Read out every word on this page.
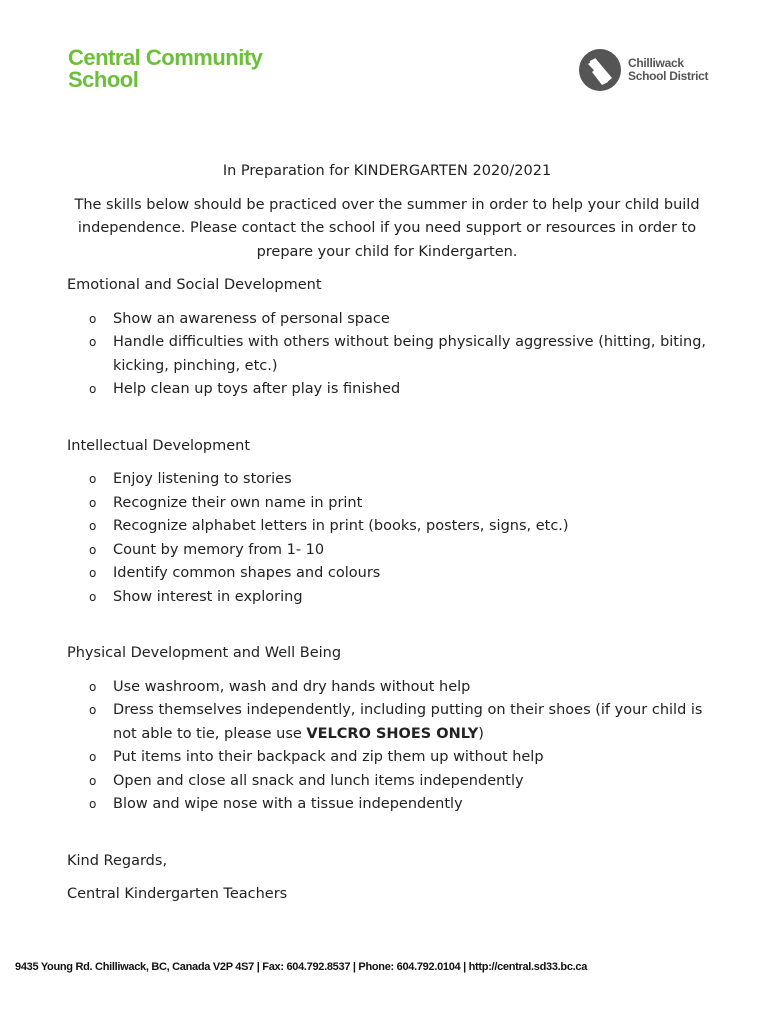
Central Community
School
Chilliwack
School District

In Preparation for KINDERGARTEN 2020/2021

The skills below should be practiced over the summer in order to help your child build independence. Please contact the school if you need support or resources in order to prepare your child for Kindergarten.

Emotional and Social Development

o Show an awareness of personal space
o Handle difficulties with others without being physically aggressive (hitting, biting, kicking, pinching, etc.)
o Help clean up toys after play is finished

Intellectual Development

o Enjoy listening to stories
o Recognize their own name in print
o Recognize alphabet letters in print (books, posters, signs, etc.)
o Count by memory from 1- 10
o Identify common shapes and colours
o Show interest in exploring

Physical Development and Well Being

o Use washroom, wash and dry hands without help
o Dress themselves independently, including putting on their shoes (if your child is not able to tie, please use VELCRO SHOES ONLY)
o Put items into their backpack and zip them up without help
o Open and close all snack and lunch items independently
o Blow and wipe nose with a tissue independently

Kind Regards,

Central Kindergarten Teachers

9435 Young Rd. Chilliwack, BC, Canada V2P 4S7 | Fax: 604.792.8537 | Phone: 604.792.0104 | http://central.sd33.bc.ca
